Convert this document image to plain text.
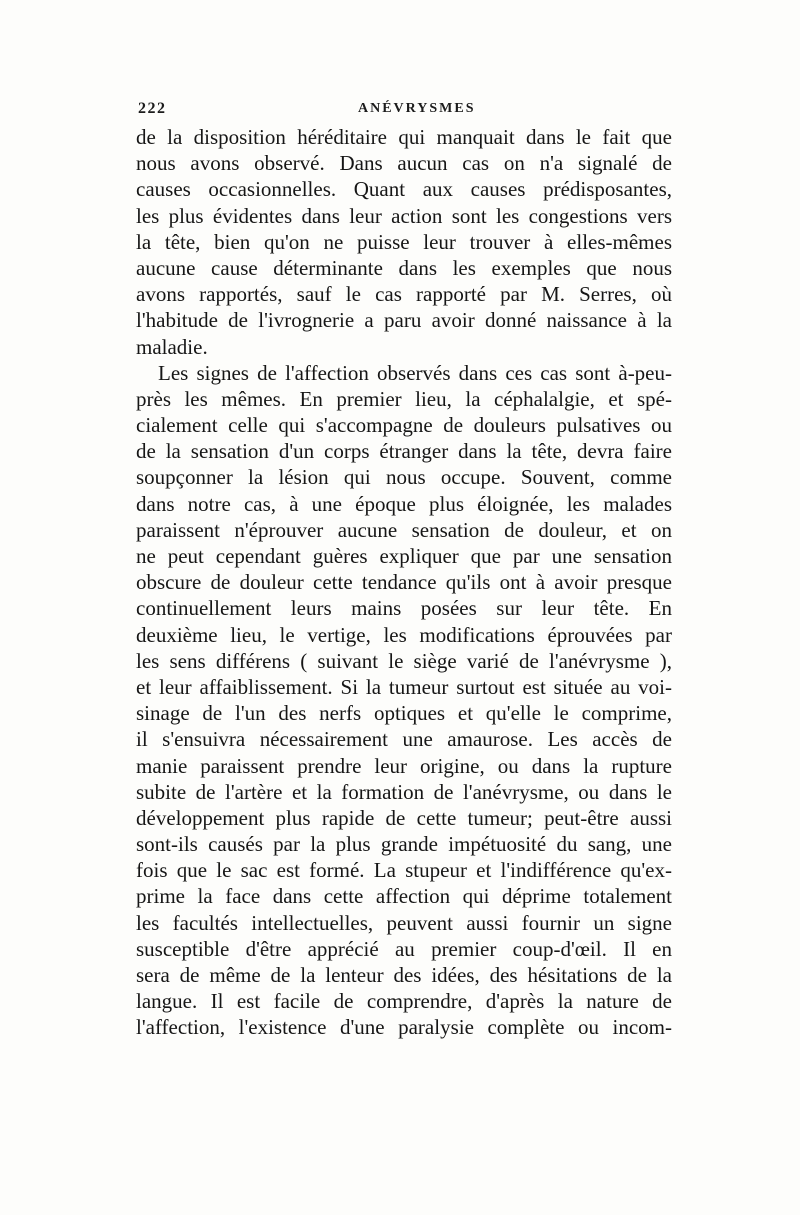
222	ANÉVRYSMES
de la disposition héréditaire qui manquait dans le fait que
nous avons observé. Dans aucun cas on n'a signalé de
causes occasionnelles. Quant aux causes prédisposantes,
les plus évidentes dans leur action sont les congestions vers
la tête, bien qu'on ne puisse leur trouver à elles-mêmes
aucune cause déterminante dans les exemples que nous
avons rapportés, sauf le cas rapporté par M. Serres, où
l'habitude de l'ivrognerie a paru avoir donné naissance à la
maladie.
Les signes de l'affection observés dans ces cas sont à-peu-
près les mêmes. En premier lieu, la céphalalgie, et spé-
cialement celle qui s'accompagne de douleurs pulsatives ou
de la sensation d'un corps étranger dans la tête, devra faire
soupçonner la lésion qui nous occupe. Souvent, comme
dans notre cas, à une époque plus éloignée, les malades
paraissent n'éprouver aucune sensation de douleur, et on
ne peut cependant guères expliquer que par une sensation
obscure de douleur cette tendance qu'ils ont à avoir presque
continuellement leurs mains posées sur leur tête. En
deuxième lieu, le vertige, les modifications éprouvées par
les sens différens ( suivant le siège varié de l'anévrysme ),
et leur affaiblissement. Si la tumeur surtout est située au voi-
sinage de l'un des nerfs optiques et qu'elle le comprime,
il s'ensuivra nécessairement une amaurose. Les accès de
manie paraissent prendre leur origine, ou dans la rupture
subite de l'artère et la formation de l'anévrysme, ou dans le
développement plus rapide de cette tumeur; peut-être aussi
sont-ils causés par la plus grande impétuosité du sang, une
fois que le sac est formé. La stupeur et l'indifférence qu'ex-
prime la face dans cette affection qui déprime totalement
les facultés intellectuelles, peuvent aussi fournir un signe
susceptible d'être apprécié au premier coup-d'œil. Il en
sera de même de la lenteur des idées, des hésitations de la
langue. Il est facile de comprendre, d'après la nature de
l'affection, l'existence d'une paralysie complète ou incom-
